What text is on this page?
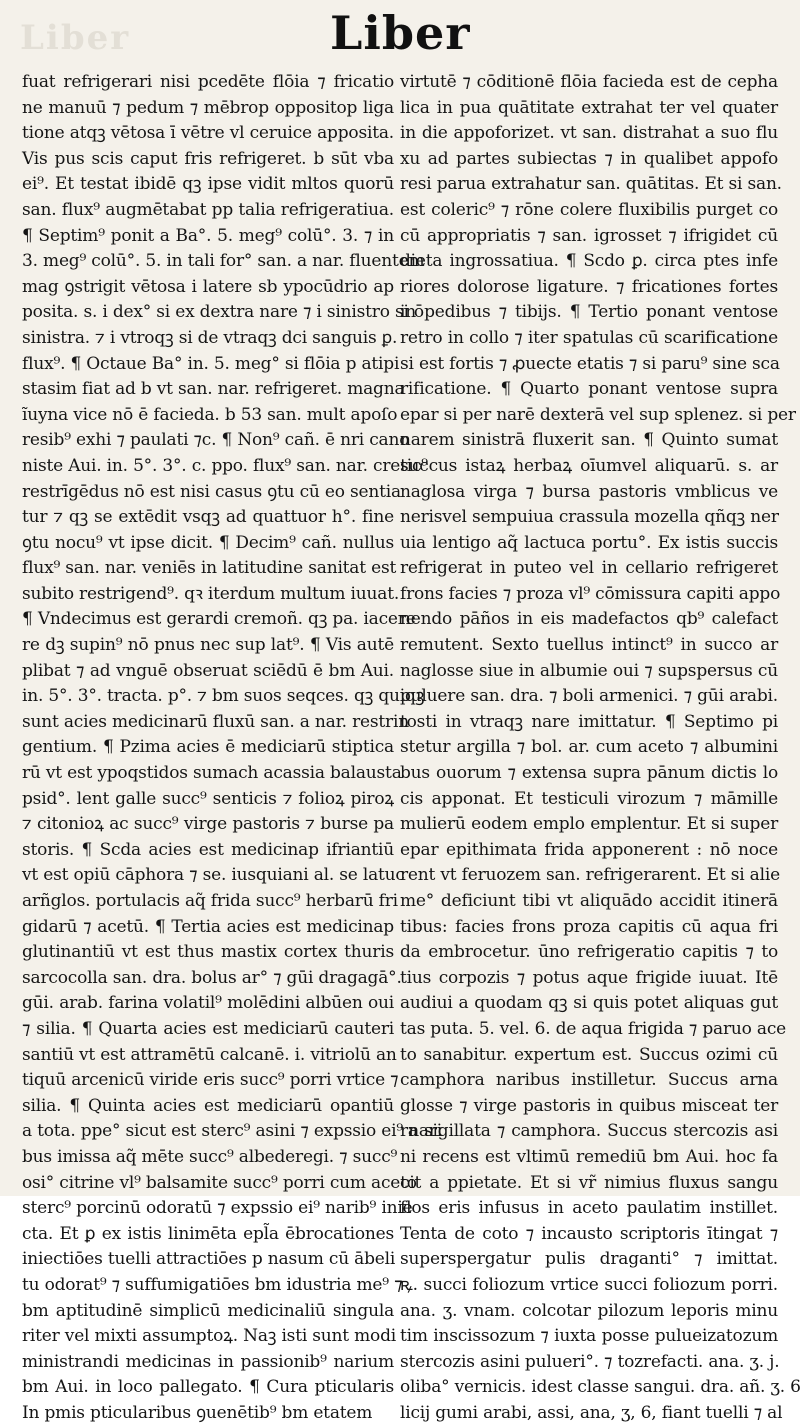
Liber	Liber
fuat refrigerari nisi pcedēte flōia ⁊ fricatio
ne manuū ⁊ pedum ⁊ mēbrop oppositop liga
tione atqꝫ vētosa ī vētre vl ceruice apposita.
Vis pus scis caput fris refrigeret. b sūt vba
ei⁹. Et testat ibidē qꝫ ipse vidit mltos quorū
san. flux⁹ augmētabat pp talia refrigeratiua.
¶ Septim⁹ ponit a Ba°. 5. meg⁹ colū°. 3. ⁊ in
3. meg⁹ colū°. 5. in tali for° san. a nar. fluentem
mag ꝯstrigit vētosa i latere sb ypocūdrio ap
posita. s. i dex° si ex dextra nare ⁊ i sinistro si ō
sinistra. ⁊ i vtroqꝫ si de vtraqꝫ dci sanguis ꝑ.
flux⁹. ¶ Octaue Ba° in. 5. meg° si flōia p atipi
stasim fiat ad b vt san. nar. refrigeret. magna
ĩuyna vice nō ē facieda. b 53 san. mult apoſo
resib⁹ exhi ⁊ paulati ⁊c. ¶ Non⁹ cañ. ē nri cano
niste Aui. in. 5°. 3°. c. ppo. flux⁹ san. nar. cretic⁹
restrīgēdus nō est nisi casus ꝯtu cū eo sentia
tur ⁊ qꝫ se extēdit vsqꝫ ad quattuor h°. fine
ꝯtu nocu⁹ vt ipse dicit. ¶ Decim⁹ cañ. nullus
flux⁹ san. nar. veniēs in latitudine sanitat est
subito restrigend⁹. qꝛ iterdum multum iuuat.
¶ Vndecimus est gerardi cremoñ. qꝫ pa. iacere
re dꝫ supin⁹ nō pnus nec sup lat⁹. ¶ Vis autē
plibat ⁊ ad vnguē obseruat sciēdū ē bm Aui.
in. 5°. 3°. tracta. p°. ⁊ bm suos seqces. qꝫ quiqꝫ
sunt acies medicinarū fluxū san. a nar. restrin
gentium. ¶ Pzima acies ē mediciarū stiptica
rū vt est ypoqstidos sumach acassia balausta
psid°. lent galle succ⁹ senticis ⁊ folioꝝ piroꝝ
⁊ citonioꝝ ac succ⁹ virge pastoris ⁊ burse pa
storis. ¶ Scda acies est medicinap ifriantiū
vt est opiū cāphora ⁊ se. iusquiani al. se latuc
arñglos. portulacis aq̃ frida succ⁹ herbarū fri
gidarū ⁊ acetū. ¶ Tertia acies est medicinap
glutinantiū vt est thus mastix cortex thuris
sarcocolla san. dra. bolus ar° ⁊ gūi dragagā°.
gūi. arab. farina volatil⁹ molēdini albūen oui
⁊ silia. ¶ Quarta acies est mediciarū cauteri
santiū vt est attramētū calcanē. i. vitriolū an
tiquū arcenicū viride eris succ⁹ porri vrtice ⁊
silia. ¶ Quinta acies est mediciarū opantiū
a tota. ppe° sicut est sterc⁹ asini ⁊ expssio ei⁹ nari
bus imissa aq̃ mēte succ⁹ albederegi. ⁊ succ⁹
osi° citrine vl⁹ balsamite succ⁹ porri cum aceto
sterc⁹ porcinū odoratū ⁊ expssio ei⁹ narib⁹ inie
cta. Et ꝑ ex istis linimēta epl̃a ēbrocationes
iniectiōes tuelli attractiōes p nasum cū ābeli
tu odorat⁹ ⁊ suffumigatiōes bm idustria me⁹ ⁊
bm aptitudinē simplicū medicinaliū singula
riter vel mixti assumptoꝝ. Naꝫ isti sunt modi
ministrandi medicinas in passionib⁹ narium
bm Aui. in loco pallegato. ¶ Cura pticularis
In pmis pticularibus ꝯuenētib⁹ bm etatem
virtutē ⁊ cōditionē flōia facieda est de cepha
lica in pua quātitate extrahat ter vel quater
in die appoforizet. vt san. distrahat a suo flu
xu ad partes subiectas ⁊ in qualibet appofo
resi parua extrahatur san. quātitas. Et si san.
est coleric⁹ ⁊ rōne colere fluxibilis purget co
cū appropriatis ⁊ san. igrosset ⁊ ifrigidet cū
dieta ingrossatiua. ¶ Scdo ꝑ. circa ptes infe
riores dolorose ligature. ⁊ fricationes fortes
in pedibus ⁊ tibijs. ¶ Tertio ponant ventose
retro in collo ⁊ iter spatulas cū scarificatione
si est fortis ⁊ ꝓuecte etatis ⁊ si paru⁹ sine sca
rificatione. ¶ Quarto ponant ventose supra
epar si per narē dexterā vel sup splenez. si per
narem sinistrā fluxerit san. ¶ Quinto sumat
succus istaꝝ herbaꝝ oīumvel aliquarū. s. ar
naglosa virga ⁊ bursa pastoris vmblicus ve
nerisvel sempuiua crassula mozella qñqꝫ ner
uia lentigo aq̃ lactuca portu°. Ex istis succis
refrigerat in puteo vel in cellario refrigeret
frons facies ⁊ proza vl⁹ cōmissura capiti appo
nendo pāños in eis madefactos qb⁹ calefact
remutent. Sexto tuellus intinct⁹ in succo ar
naglosse siue in albumie oui ⁊ supspersus cū
puluere san. dra. ⁊ boli armenici. ⁊ gūi arabi.
tosti in vtraqꝫ nare imittatur. ¶ Septimo pi
stetur argilla ⁊ bol. ar. cum aceto ⁊ albumini
bus ouorum ⁊ extensa supra pānum dictis lo
cis apponat. Et testiculi virozum ⁊ māmille
mulierū eodem emplo emplentur. Et si super
epar epithimata frida apponerent : nō noce
rent vt feruozem san. refrigerarent. Et si alie
me° deficiunt tibi vt aliquādo accidit itinerā
tibus: facies frons proza capitis cū aqua fri
da embrocetur. ūno refrigeratio capitis ⁊ to
tius corpozis ⁊ potus aque frigide iuuat. Itē
audiui a quodam qꝫ si quis potet aliquas gut
tas puta. 5. vel. 6. de aqua frigida ⁊ paruo ace
to sanabitur. expertum est. Succus ozimi cū
camphora naribus instilletur. Succus arna
glosse ⁊ virge pastoris in quibus misceat ter
ra sigillata ⁊ camphora. Succus stercozis asi
ni recens est vltimū remediū bm Aui. hoc fa
cit a ppietate. Et si vr̃ nimius fluxus sangu
flos eris infusus in aceto paulatim instillet.
Tenta de coto ⁊ incausto scriptoris ītingat ⁊
superspergatur pulis draganti° ⁊ imittat.
ꝶ. succi foliozum vrtice succi foliozum porri.
ana. ʒ. vnam. colcotar pilozum leporis minu
tim inscissozum ⁊ iuxta posse pulueizatozum
stercozis asini pulueri°. ⁊ tozrefacti. ana. ʒ. j.
oliba° vernicis. idest classe sangui. dra. añ. ʒ. 6
licij gumi arabi, assi, ana, ʒ, 6, fiant tuelli ⁊ al
